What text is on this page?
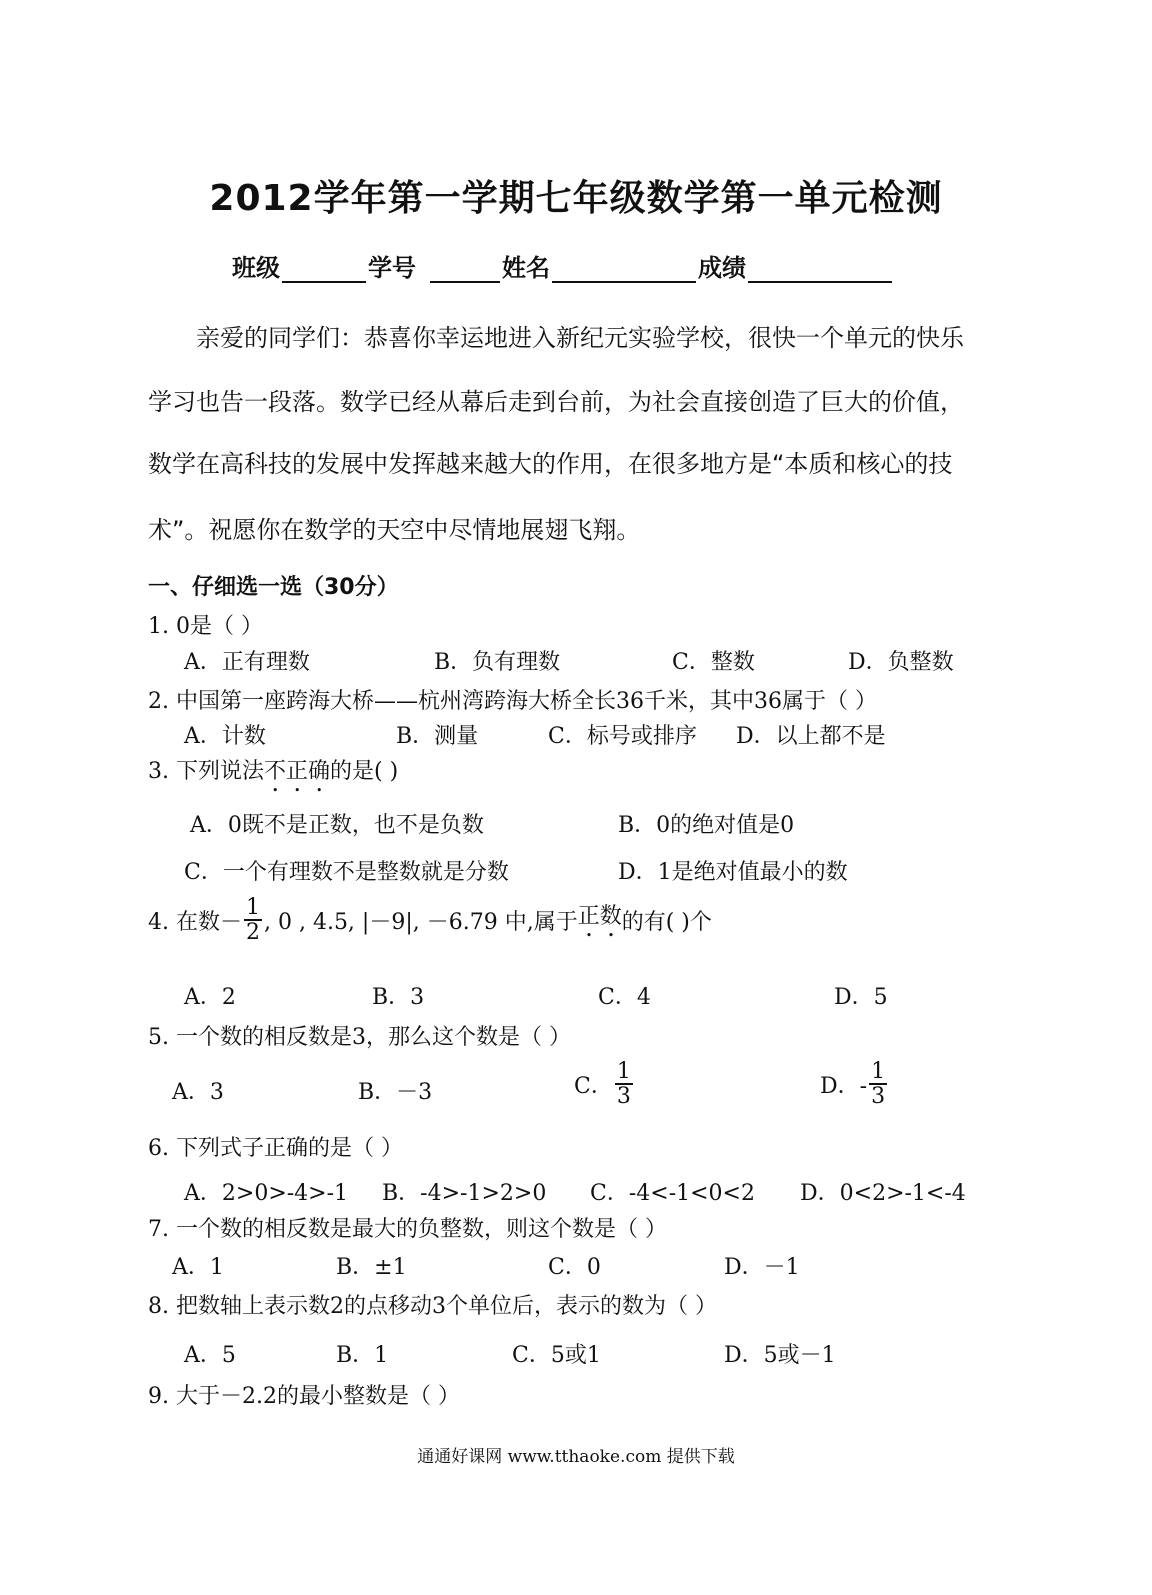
2012学年第一学期七年级数学第一单元检测
班级	学号	姓名	成绩
亲爱的同学们：恭喜你幸运地进入新纪元实验学校，很快一个单元的快乐
学习也告一段落。数学已经从幕后走到台前，为社会直接创造了巨大的价值，
数学在高科技的发展中发挥越来越大的作用，在很多地方是“本质和核心的技
术”。祝愿你在数学的天空中尽情地展翅飞翔。
一、仔细选一选（30分）
1. 0是（ ）
A．正有理数	B．负有理数	C．整数	D．负整数
2. 中国第一座跨海大桥——杭州湾跨海大桥全长36千米，其中36属于（ ）
A．计数	B．测量	C．标号或排序 D．以上都不是
3. 下列说法不正确的是( )
A．0既不是正数，也不是负数	B．0的绝对值是0
C．一个有理数不是整数就是分数	D．1是绝对值最小的数
4. 在数－ $\frac{1}{2}$ , 0 , 4.5, |－9|, －6.79 中,属于 正数 的有( )个
A．2	B．3	C．4	D．5
5. 一个数的相反数是3，那么这个数是（ ）
A．3	B．－3	C． $\frac{1}{3}$	D．- $\frac{1}{3}$
6. 下列式子正确的是（ ）
A．2>0>-4>-1 B．-4>-1>2>0 C．-4<-1<0<2 D．0<2>-1<-4
7. 一个数的相反数是最大的负整数，则这个数是（ ）
A．1	B．±1	C．0	D．－1
8. 把数轴上表示数2的点移动3个单位后，表示的数为（ ）
A．5	B．1	C．5或1	D．5或－1
9. 大于－2.2的最小整数是（ ）
通通好课网 www.tthaoke.com 提供下载
